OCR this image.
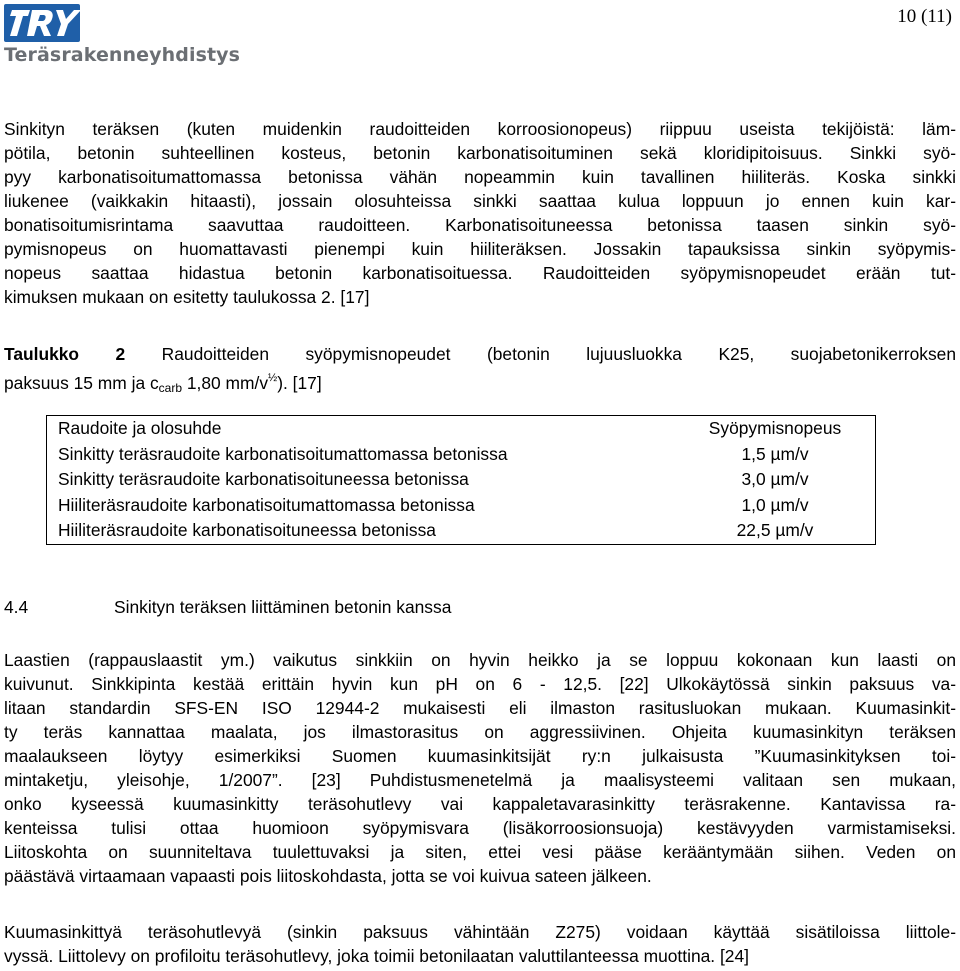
Teräsrakenneyhdistys
10 (11)
Sinkityn teräksen (kuten muidenkin raudoitteiden korroosionopeus) riippuu useista tekijöistä: läm-
pötila, betonin suhteellinen kosteus, betonin karbonatisoituminen sekä kloridipitoisuus. Sinkki syö-
pyy karbonatisoitumattomassa betonissa vähän nopeammin kuin tavallinen hiiliteräs. Koska sinkki
liukenee (vaikkakin hitaasti), jossain olosuhteissa sinkki saattaa kulua loppuun jo ennen kuin kar-
bonatisoitumisrintama saavuttaa raudoitteen. Karbonatisoituneessa betonissa taasen sinkin syö-
pymisnopeus on huomattavasti pienempi kuin hiiliteräksen. Jossakin tapauksissa sinkin syöpymis-
nopeus saattaa hidastua betonin karbonatisoituessa. Raudoitteiden syöpymisnopeudet erään tut-
kimuksen mukaan on esitetty taulukossa 2. [17]
Taulukko 2 Raudoitteiden syöpymisnopeudet (betonin lujuusluokka K25, suojabetonikerroksen
paksuus 15 mm ja $c_{carb}$ 1,80 $mm/v^{\frac{1}{2}}$). [17]
Raudoite ja olosuhde	Syöpymisnopeus
Sinkitty teräsraudoite karbonatisoitumattomassa betonissa	1,5 µm/v
Sinkitty teräsraudoite karbonatisoituneessa betonissa	3,0 µm/v
Hiiliteräsraudoite karbonatisoitumattomassa betonissa	1,0 µm/v
Hiiliteräsraudoite karbonatisoituneessa betonissa	22,5 µm/v
4.4	Sinkityn teräksen liittäminen betonin kanssa
Laastien (rappauslaastit ym.) vaikutus sinkkiin on hyvin heikko ja se loppuu kokonaan kun laasti on
kuivunut. Sinkkipinta kestää erittäin hyvin kun pH on 6 - 12,5. [22] Ulkokäytössä sinkin paksuus va-
litaan standardin SFS-EN ISO 12944-2 mukaisesti eli ilmaston rasitusluokan mukaan. Kuumasinkit-
ty teräs kannattaa maalata, jos ilmastorasitus on aggressiivinen. Ohjeita kuumasinkityn teräksen
maalaukseen löytyy esimerkiksi Suomen kuumasinkitsijät ry:n julkaisusta ”Kuumasinkityksen toi-
mintaketju, yleisohje, 1/2007”. [23] Puhdistusmenetelmä ja maalisysteemi valitaan sen mukaan,
onko kyseessä kuumasinkitty teräsohutlevy vai kappaletavarasinkitty teräsrakenne. Kantavissa ra-
kenteissa tulisi ottaa huomioon syöpymisvara (lisäkorroosionsuoja) kestävyyden varmistamiseksi.
Liitoskohta on suunniteltava tuulettuvaksi ja siten, ettei vesi pääse kerääntymään siihen. Veden on
päästävä virtaamaan vapaasti pois liitoskohdasta, jotta se voi kuivua sateen jälkeen.
Kuumasinkittyä teräsohutlevyä (sinkin paksuus vähintään Z275) voidaan käyttää sisätiloissa liittole-
vyssä. Liittolevy on profiloitu teräsohutlevy, joka toimii betonilaatan valuttilanteessa muottina. [24]
